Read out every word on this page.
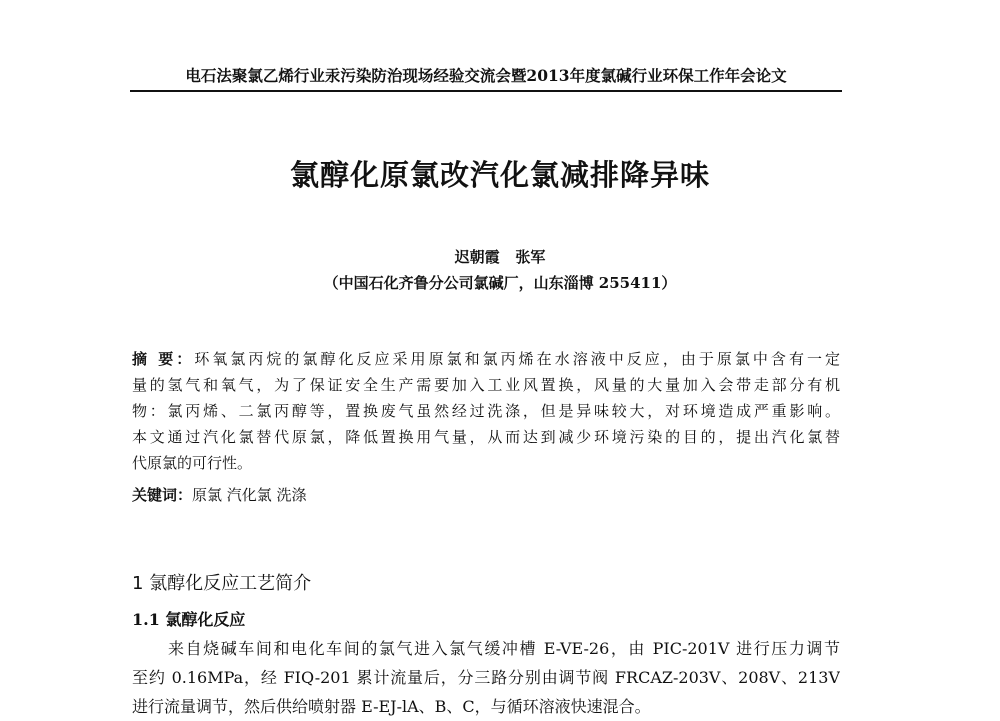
电石法聚氯乙烯行业汞污染防治现场经验交流会暨2013年度氯碱行业环保工作年会论文
氯醇化原氯改汽化氯减排降异味
迟朝霞   张军
（中国石化齐鲁分公司氯碱厂，山东淄博 255411）
摘 要：环氧氯丙烷的氯醇化反应采用原氯和氯丙烯在水溶液中反应，由于原氯中含有一定
量的氢气和氧气，为了保证安全生产需要加入工业风置换，风量的大量加入会带走部分有机
物：氯丙烯、二氯丙醇等，置换废气虽然经过洗涤，但是异味较大，对环境造成严重影响。
本文通过汽化氯替代原氯，降低置换用气量，从而达到减少环境污染的目的，提出汽化氯替
代原氯的可行性。
关键词：原氯 汽化氯 洗涤
1 氯醇化反应工艺简介
1.1 氯醇化反应
来自烧碱车间和电化车间的氯气进入氯气缓冲槽 E-VE-26，由 PIC-201V 进行压力调节
至约 0.16MPa，经 FIQ-201 累计流量后，分三路分别由调节阀 FRCAZ-203V、208V、213V
进行流量调节，然后供给喷射器 E-EJ-lA、B、C，与循环溶液快速混合。
